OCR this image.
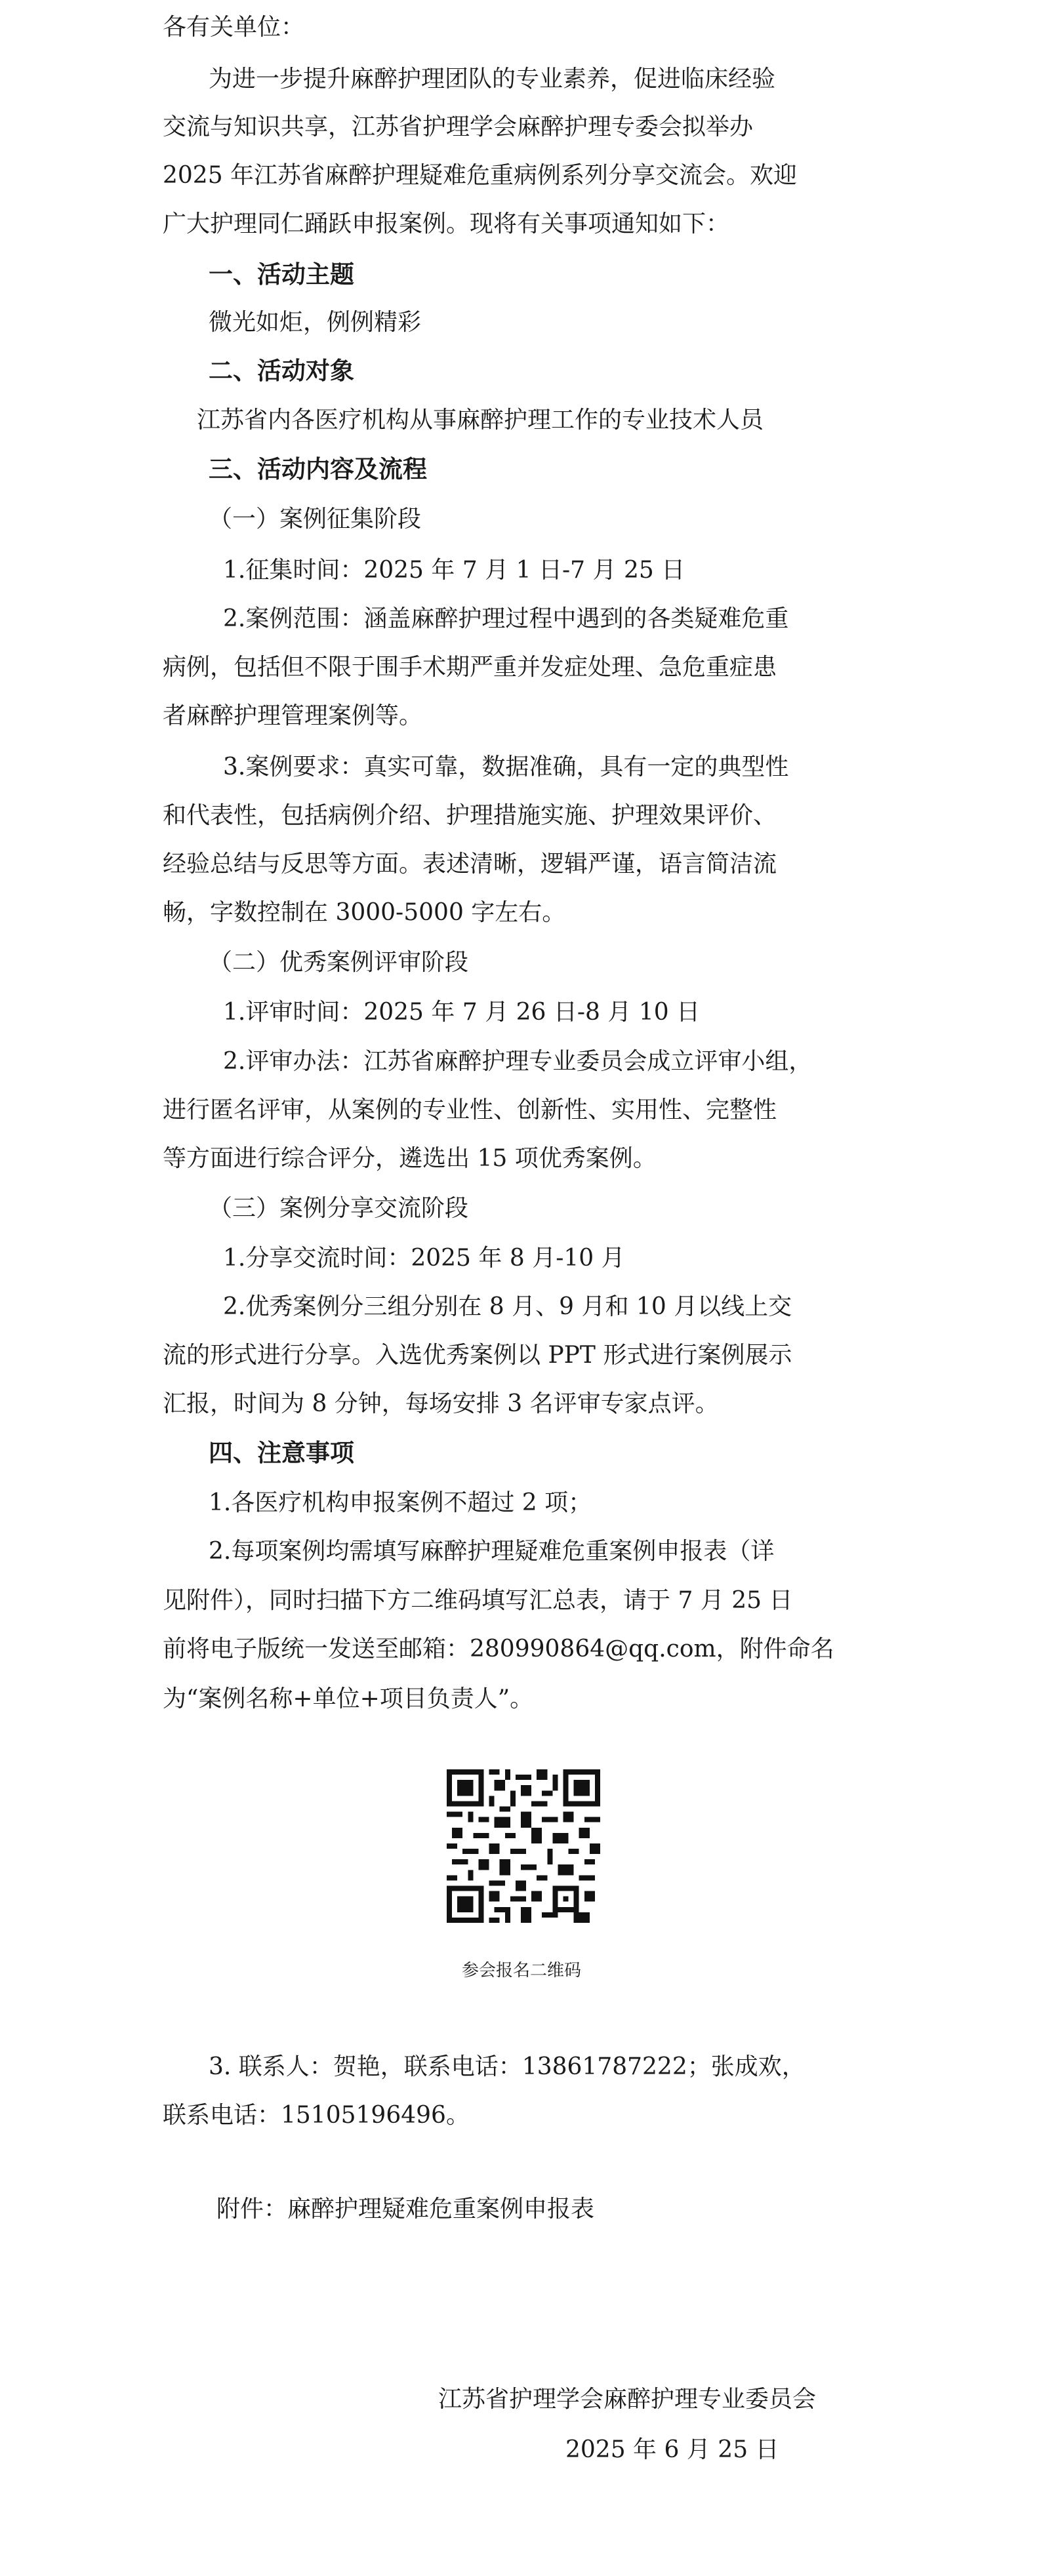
各有关单位：
为进一步提升麻醉护理团队的专业素养，促进临床经验
交流与知识共享，江苏省护理学会麻醉护理专委会拟举办
2025 年江苏省麻醉护理疑难危重病例系列分享交流会。欢迎
广大护理同仁踊跃申报案例。现将有关事项通知如下：
一、活动主题
微光如炬，例例精彩
二、活动对象
江苏省内各医疗机构从事麻醉护理工作的专业技术人员
三、活动内容及流程
（一）案例征集阶段
1.征集时间：2025 年 7 月 1 日-7 月 25 日
2.案例范围：涵盖麻醉护理过程中遇到的各类疑难危重
病例，包括但不限于围手术期严重并发症处理、急危重症患
者麻醉护理管理案例等。
3.案例要求：真实可靠，数据准确，具有一定的典型性
和代表性，包括病例介绍、护理措施实施、护理效果评价、
经验总结与反思等方面。表述清晰，逻辑严谨，语言简洁流
畅，字数控制在 3000-5000 字左右。
（二）优秀案例评审阶段
1.评审时间：2025 年 7 月 26 日-8 月 10 日
2.评审办法：江苏省麻醉护理专业委员会成立评审小组，
进行匿名评审，从案例的专业性、创新性、实用性、完整性
等方面进行综合评分，遴选出 15 项优秀案例。
（三）案例分享交流阶段
1.分享交流时间：2025 年 8 月-10 月
2.优秀案例分三组分别在 8 月、9 月和 10 月以线上交
流的形式进行分享。入选优秀案例以 PPT 形式进行案例展示
汇报，时间为 8 分钟，每场安排 3 名评审专家点评。
四、注意事项
1.各医疗机构申报案例不超过 2 项；
2.每项案例均需填写麻醉护理疑难危重案例申报表（详
见附件），同时扫描下方二维码填写汇总表，请于 7 月 25 日
前将电子版统一发送至邮箱：280990864@qq.com，附件命名
为“案例名称+单位+项目负责人”。
参会报名二维码
3. 联系人：贺艳，联系电话：13861787222；张成欢，
联系电话：15105196496。
附件：麻醉护理疑难危重案例申报表
江苏省护理学会麻醉护理专业委员会
2025 年 6 月 25 日
